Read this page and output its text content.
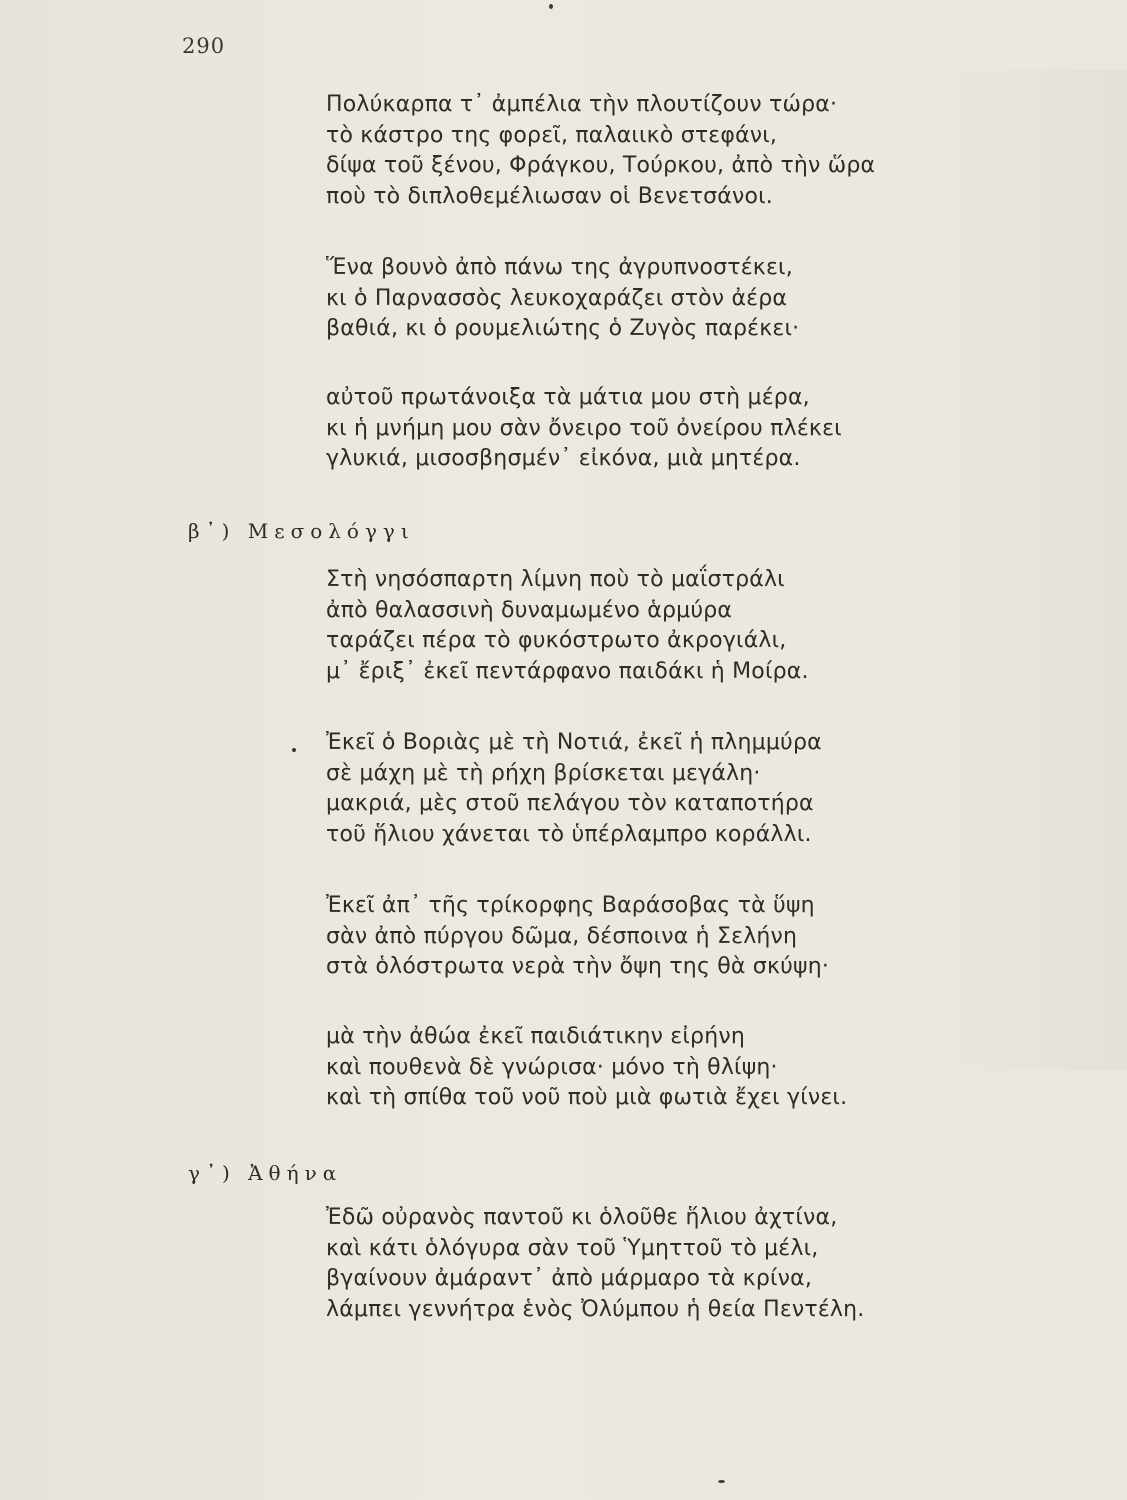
290
Πολύκαρπα τ᾽ ἀμπέλια τὴν πλουτίζουν τώρα·
τὸ κάστρο της φορεῖ, παλαιικὸ στεφάνι,
δίψα τοῦ ξένου, Φράγκου, Τούρκου, ἀπὸ τὴν ὥρα
ποὺ τὸ διπλοθεμέλιωσαν οἱ Βενετσάνοι.
Ἕνα βουνὸ ἀπὸ πάνω της ἀγρυπνοστέκει,
κι ὁ Παρνασσὸς λευκοχαράζει στὸν ἀέρα
βαθιά, κι ὁ ρουμελιώτης ὁ Ζυγὸς παρέκει·
αὐτοῦ πρωτάνοιξα τὰ μάτια μου στὴ μέρα,
κι ἡ μνήμη μου σὰν ὄνειρο τοῦ ὀνείρου πλέκει
γλυκιά, μισοσβησμέν᾽ εἰκόνα, μιὰ μητέρα.
β᾽) Μεσολόγγι
Στὴ νησόσπαρτη λίμνη ποὺ τὸ μαΐστράλι
ἀπὸ θαλασσινὴ δυναμωμένο ἁρμύρα
ταράζει πέρα τὸ φυκόστρωτο ἀκρογιάλι,
μ᾽ ἔριξ᾽ ἐκεῖ πεντάρφανο παιδάκι ἡ Μοίρα.
Ἐκεῖ ὁ Βοριὰς μὲ τὴ Νοτιά, ἐκεῖ ἡ πλημμύρα
σὲ μάχη μὲ τὴ ρήχη βρίσκεται μεγάλη·
μακριά, μὲς στοῦ πελάγου τὸν καταποτήρα
τοῦ ἥλιου χάνεται τὸ ὑπέρλαμπρο κοράλλι.
Ἐκεῖ ἀπ᾽ τῆς τρίκορφης Βαράσοβας τὰ ὕψη
σὰν ἀπὸ πύργου δῶμα, δέσποινα ἡ Σελήνη
στὰ ὁλόστρωτα νερὰ τὴν ὄψη της θὰ σκύψη·
μὰ τὴν ἀθώα ἐκεῖ παιδιάτικην εἰρήνη
καὶ πουθενὰ δὲ γνώρισα· μόνο τὴ θλίψη·
καὶ τὴ σπίθα τοῦ νοῦ ποὺ μιὰ φωτιὰ ἔχει γίνει.
γ᾽) Ἀθήνα
Ἐδῶ οὐρανὸς παντοῦ κι ὁλοῦθε ἥλιου ἀχτίνα,
καὶ κάτι ὁλόγυρα σὰν τοῦ Ὑμηττοῦ τὸ μέλι,
βγαίνουν ἀμάραντ᾽ ἀπὸ μάρμαρο τὰ κρίνα,
λάμπει γεννήτρα ἑνὸς Ὀλύμπου ἡ θεία Πεντέλη.
